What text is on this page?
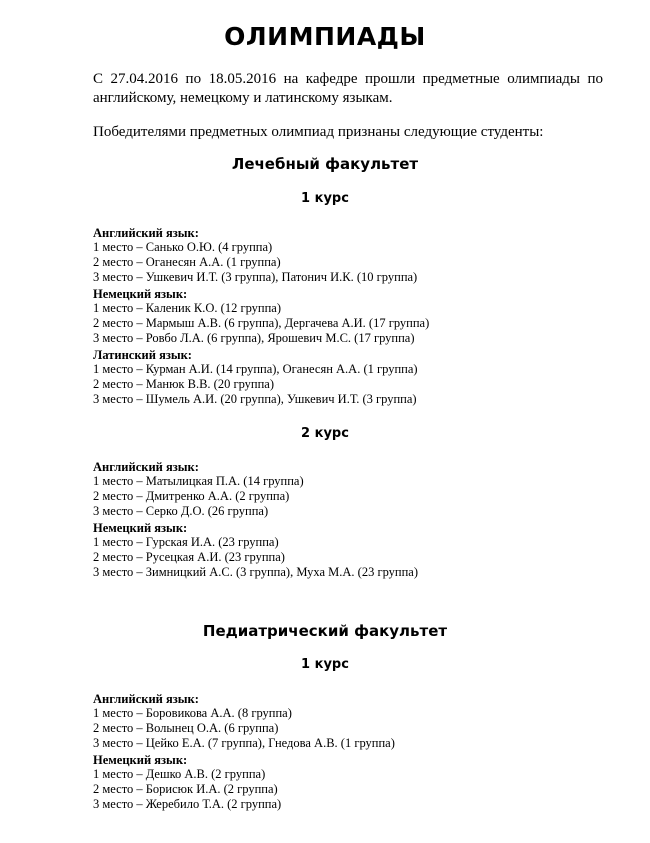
ОЛИМПИАДЫ
С 27.04.2016 по 18.05.2016 на кафедре прошли предметные олимпиады по
английскому, немецкому и латинскому языкам.
Победителями предметных олимпиад признаны следующие студенты:
Лечебный факультет
1 курс
Английский язык:
1 место – Санько О.Ю. (4 группа)
2 место – Оганесян А.А. (1 группа)
3 место – Ушкевич И.Т. (3 группа), Патонич И.К. (10 группа)
Немецкий язык:
1 место – Каленик К.О. (12 группа)
2 место – Мармыш А.В. (6 группа), Дергачева А.И. (17 группа)
3 место – Ровбо Л.А. (6 группа), Ярошевич М.С. (17 группа)
Латинский язык:
1 место – Курман А.И. (14 группа), Оганесян А.А. (1 группа)
2 место – Манюк В.В. (20 группа)
3 место – Шумель А.И. (20 группа), Ушкевич И.Т. (3 группа)
2 курс
Английский язык:
1 место – Матылицкая П.А. (14 группа)
2 место – Дмитренко А.А. (2 группа)
3 место – Серко Д.О. (26 группа)
Немецкий язык:
1 место – Гурская И.А. (23 группа)
2 место – Русецкая А.И. (23 группа)
3 место – Зимницкий А.С. (3 группа), Муха М.А. (23 группа)
Педиатрический факультет
1 курс
Английский язык:
1 место – Боровикова А.А. (8 группа)
2 место – Волынец О.А. (6 группа)
3 место – Цейко Е.А. (7 группа), Гнедова А.В. (1 группа)
Немецкий язык:
1 место – Дешко А.В. (2 группа)
2 место – Борисюк И.А. (2 группа)
3 место – Жеребило Т.А. (2 группа)
